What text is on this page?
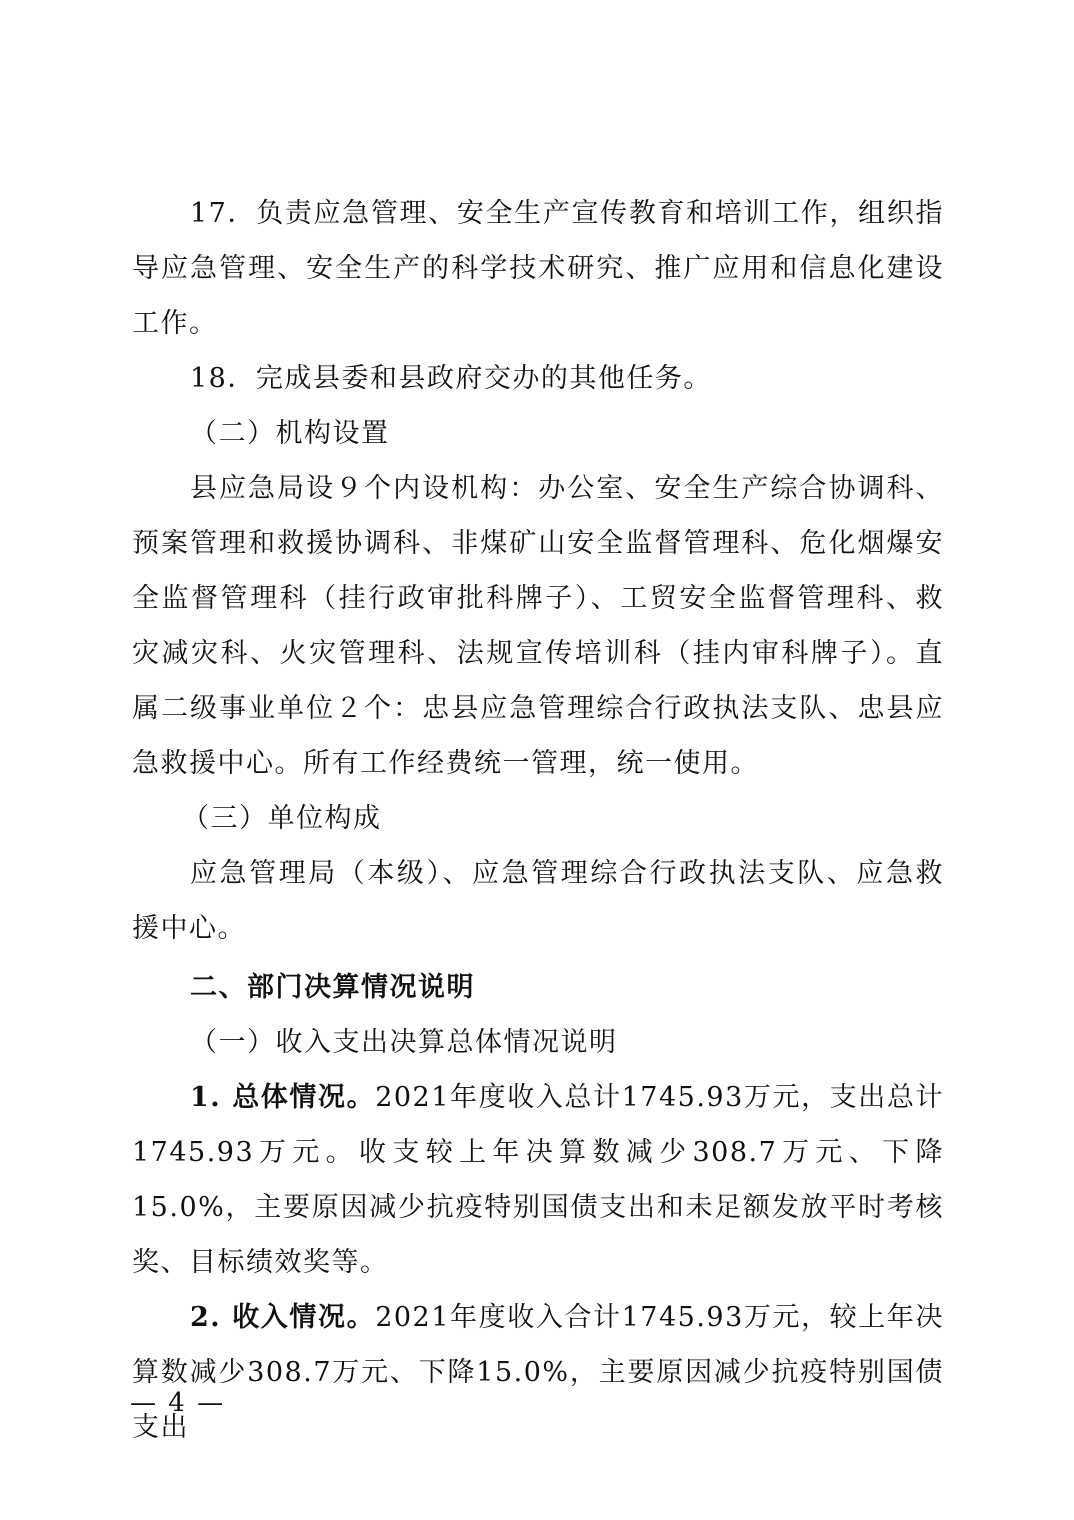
17．负责应急管理、安全生产宣传教育和培训工作，组织指导应急管理、安全生产的科学技术研究、推广应用和信息化建设工作。

18．完成县委和县政府交办的其他任务。

（二）机构设置

县应急局设９个内设机构：办公室、安全生产综合协调科、预案管理和救援协调科、非煤矿山安全监督管理科、危化烟爆安全监督管理科（挂行政审批科牌子）、工贸安全监督管理科、救灾减灾科、火灾管理科、法规宣传培训科（挂内审科牌子）。直属二级事业单位２个：忠县应急管理综合行政执法支队、忠县应急救援中心。所有工作经费统一管理，统一使用。

（三）单位构成

应急管理局（本级）、应急管理综合行政执法支队、应急救援中心。

二、部门决算情况说明

（一）收入支出决算总体情况说明

1. 总体情况。2021年度收入总计1745.93万元，支出总计1745.93万元。收支较上年决算数减少308.7万元、下降15.0%，主要原因减少抗疫特别国债支出和未足额发放平时考核奖、目标绩效奖等。

2. 收入情况。2021年度收入合计1745.93万元，较上年决算数减少308.7万元、下降15.0%，主要原因减少抗疫特别国债支出

— 4 —
